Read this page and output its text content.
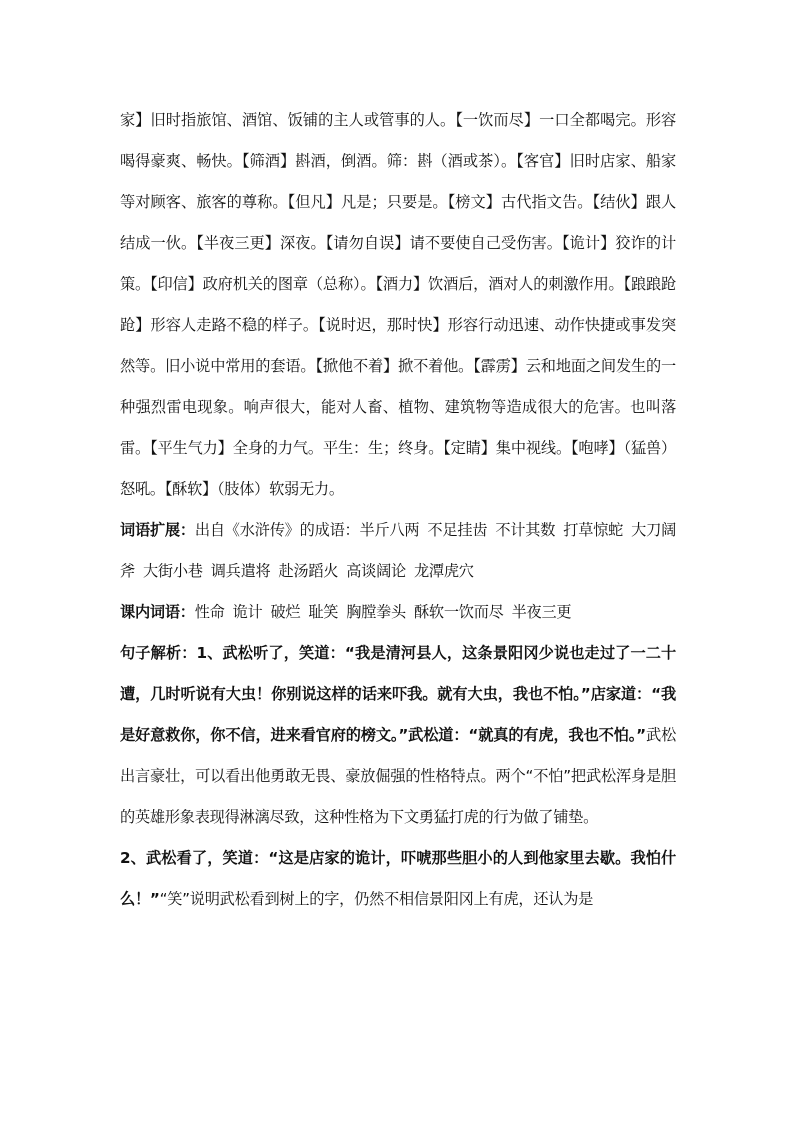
家】旧时指旅馆、酒馆、饭铺的主人或管事的人。【一饮而尽】一口全都喝完。形容喝得豪爽、畅快。【筛酒】斟酒，倒酒。筛：斟（酒或茶）。【客官】旧时店家、船家等对顾客、旅客的尊称。【但凡】凡是；只要是。【榜文】古代指文告。【结伙】跟人结成一伙。【半夜三更】深夜。【请勿自误】请不要使自己受伤害。【诡计】狡诈的计策。【印信】政府机关的图章（总称）。【酒力】饮酒后，酒对人的刺激作用。【踉踉跄跄】形容人走路不稳的样子。【说时迟，那时快】形容行动迅速、动作快捷或事发突然等。旧小说中常用的套语。【掀他不着】掀不着他。【霹雳】云和地面之间发生的一种强烈雷电现象。响声很大，能对人畜、植物、建筑物等造成很大的危害。也叫落雷。【平生气力】全身的力气。平生：生；终身。【定睛】集中视线。【咆哮】（猛兽）怒吼。【酥软】（肢体）软弱无力。

词语扩展：出自《水浒传》的成语：半斤八两 不足挂齿 不计其数 打草惊蛇 大刀阔斧 大街小巷 调兵遣将 赴汤蹈火 高谈阔论 龙潭虎穴

课内词语：性命 诡计 破烂 耻笑 胸膛拳头 酥软一饮而尽 半夜三更

句子解析：1、武松听了，笑道：“我是清河县人，这条景阳冈少说也走过了一二十遭，几时听说有大虫！你别说这样的话来吓我。就有大虫，我也不怕。”店家道：“我是好意救你，你不信，进来看官府的榜文。”武松道：“就真的有虎，我也不怕。”武松出言豪壮，可以看出他勇敢无畏、豪放倔强的性格特点。两个“不怕”把武松浑身是胆的英雄形象表现得淋漓尽致，这种性格为下文勇猛打虎的行为做了铺垫。

2、武松看了，笑道：“这是店家的诡计，吓唬那些胆小的人到他家里去歇。我怕什么！”“笑”说明武松看到树上的字，仍然不相信景阳冈上有虎，还认为是
